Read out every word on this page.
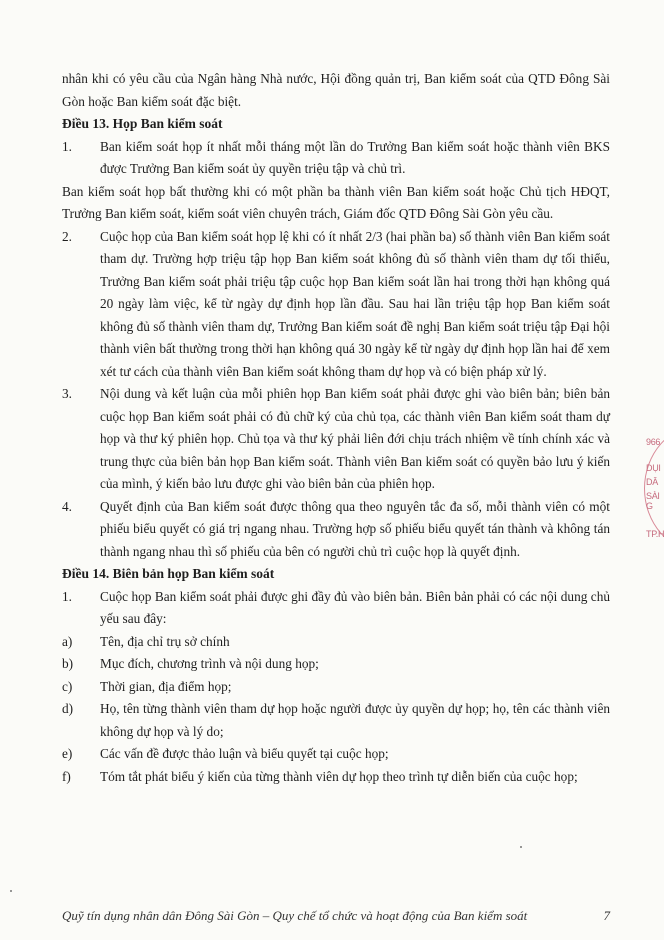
nhân khi có yêu cầu của Ngân hàng Nhà nước, Hội đồng quản trị, Ban kiểm soát của QTD Đông Sài Gòn hoặc Ban kiểm soát đặc biệt.

Điều 13. Họp Ban kiểm soát

1.	Ban kiểm soát họp ít nhất mỗi tháng một lần do Trưởng Ban kiểm soát hoặc thành viên BKS được Trưởng Ban kiểm soát ủy quyền triệu tập và chủ trì.

Ban kiểm soát họp bất thường khi có một phần ba thành viên Ban kiểm soát hoặc Chủ tịch HĐQT, Trưởng Ban kiểm soát, kiểm soát viên chuyên trách, Giám đốc QTD Đông Sài Gòn yêu cầu.

2.	Cuộc họp của Ban kiểm soát họp lệ khi có ít nhất 2/3 (hai phần ba) số thành viên Ban kiểm soát tham dự. Trường hợp triệu tập họp Ban kiểm soát không đủ số thành viên tham dự tối thiểu, Trưởng Ban kiểm soát phải triệu tập cuộc họp Ban kiểm soát lần hai trong thời hạn không quá 20 ngày làm việc, kể từ ngày dự định họp lần đầu. Sau hai lần triệu tập họp Ban kiểm soát không đủ số thành viên tham dự, Trưởng Ban kiểm soát đề nghị Ban kiểm soát triệu tập Đại hội thành viên bất thường trong thời hạn không quá 30 ngày kể từ ngày dự định họp lần hai để xem xét tư cách của thành viên Ban kiểm soát không tham dự họp và có biện pháp xử lý.
3.	Nội dung và kết luận của mỗi phiên họp Ban kiểm soát phải được ghi vào biên bản; biên bản cuộc họp Ban kiểm soát phải có đủ chữ ký của chủ tọa, các thành viên Ban kiểm soát tham dự họp và thư ký phiên họp. Chủ tọa và thư ký phải liên đới chịu trách nhiệm về tính chính xác và trung thực của biên bản họp Ban kiểm soát. Thành viên Ban kiểm soát có quyền bảo lưu ý kiến của mình, ý kiến bảo lưu được ghi vào biên bản của phiên họp.
4.	Quyết định của Ban kiểm soát được thông qua theo nguyên tắc đa số, mỗi thành viên có một phiếu biểu quyết có giá trị ngang nhau. Trường hợp số phiếu biểu quyết tán thành và không tán thành ngang nhau thì số phiếu của bên có người chủ trì cuộc họp là quyết định.

Điều 14. Biên bản họp Ban kiểm soát

1.	Cuộc họp Ban kiểm soát phải được ghi đầy đủ vào biên bản. Biên bản phải có các nội dung chủ yếu sau đây:
a)	Tên, địa chỉ trụ sở chính
b)	Mục đích, chương trình và nội dung họp;
c)	Thời gian, địa điểm họp;
d)	Họ, tên từng thành viên tham dự họp hoặc người được ủy quyền dự họp; họ, tên các thành viên không dự họp và lý do;
e)	Các vấn đề được thảo luận và biểu quyết tại cuộc họp;
f)	Tóm tắt phát biểu ý kiến của từng thành viên dự họp theo trình tự diễn biến của cuộc họp;
966
DỤI
DÂ
SÀI G
TP.H
Quỹ tín dụng nhân dân Đông Sài Gòn – Quy chế tổ chức và hoạt động của Ban kiểm soát	7
